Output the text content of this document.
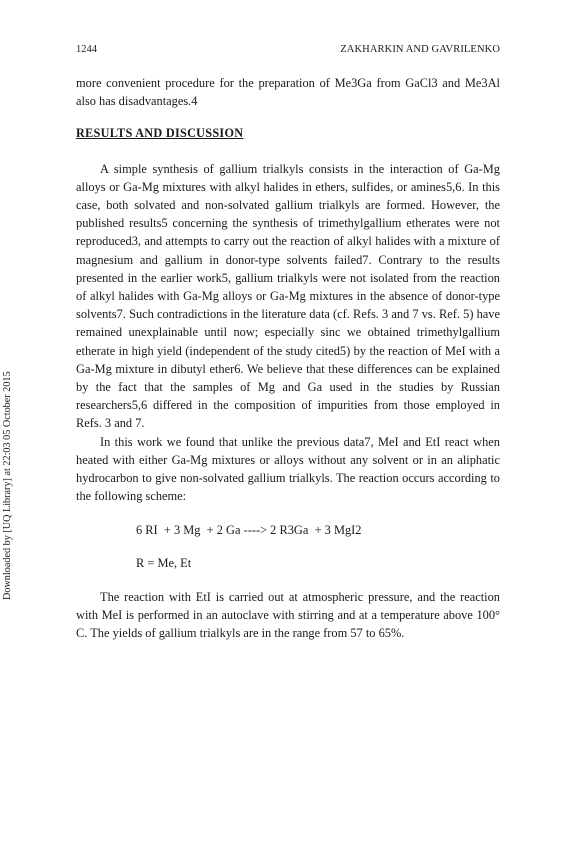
1244	ZAKHARKIN AND GAVRILENKO
Downloaded by [UQ Library] at 22:03 05 October 2015

more convenient procedure for the preparation of Me3Ga from GaCl3 and Me3Al also has disadvantages.4

RESULTS AND DISCUSSION

A simple synthesis of gallium trialkyls consists in the interaction of Ga-Mg alloys or Ga-Mg mixtures with alkyl halides in ethers, sulfides, or amines5,6. In this case, both solvated and non-solvated gallium trialkyls are formed. However, the published results5 concerning the synthesis of trimethylgallium etherates were not reproduced3, and attempts to carry out the reaction of alkyl halides with a mixture of magnesium and gallium in donor-type solvents failed7. Contrary to the results presented in the earlier work5, gallium trialkyls were not isolated from the reaction of alkyl halides with Ga-Mg alloys or Ga-Mg mixtures in the absence of donor-type solvents7. Such contradictions in the literature data (cf. Refs. 3 and 7 vs. Ref. 5) have remained unexplainable until now; especially sinc we obtained trimethylgallium etherate in high yield (independent of the study cited5) by the reaction of MeI with a Ga-Mg mixture in dibutyl ether6. We believe that these differences can be explained by the fact that the samples of Mg and Ga used in the studies by Russian researchers5,6 differed in the composition of impurities from those employed in Refs. 3 and 7.

In this work we found that unlike the previous data7, MeI and EtI react when heated with either Ga-Mg mixtures or alloys without any solvent or in an aliphatic hydrocarbon to give non-solvated gallium trialkyls. The reaction occurs according to the following scheme:

6 RI  + 3 Mg  + 2 Ga ----> 2 R3Ga  + 3 MgI2
R = Me, Et

The reaction with EtI is carried out at atmospheric pressure, and the reaction with MeI is performed in an autoclave with stirring and at a temperature above 100° C. The yields of gallium trialkyls are in the range from 57 to 65%.
